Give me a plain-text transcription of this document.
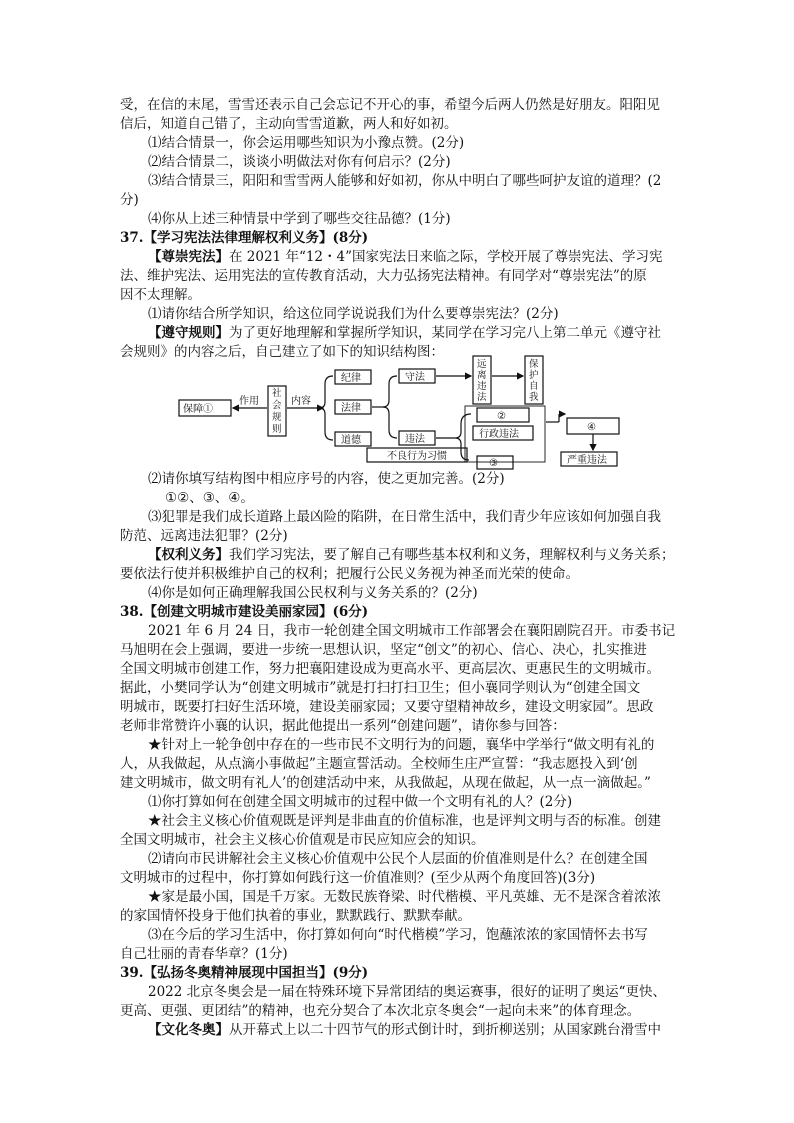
受，在信的末尾，雪雪还表示自己会忘记不开心的事，希望今后两人仍然是好朋友。阳阳见
信后，知道自己错了，主动向雪雪道歉，两人和好如初。
⑴结合情景一，你会运用哪些知识为小豫点赞。(2分)
⑵结合情景二，谈谈小明做法对你有何启示？(2分)
⑶结合情景三，阳阳和雪雪两人能够和好如初，你从中明白了哪些呵护友谊的道理？(2
分)
⑷你从上述三种情景中学到了哪些交往品德？(1分)
37.【学习宪法法律理解权利义务】(8分)
【尊崇宪法】在 2021 年“12・4”国家宪法日来临之际，学校开展了尊崇宪法、学习宪
法、维护宪法、运用宪法的宣传教育活动，大力弘扬宪法精神。有同学对“尊崇宪法”的原
因不太理解。
⑴请你结合所学知识，给这位同学说说我们为什么要尊崇宪法？(2分)
【遵守规则】为了更好地理解和掌握所学知识，某同学在学习完八上第二单元《遵守社
会规则》的内容之后，自己建立了如下的知识结构图：
保障①
作用
社
会
规
则
内容
纪律
法律
道德
守法
违法
远
离
违
法
保
护
自
我
②
行政违法
不良行为习惯
③
④
严重违法
⑵请你填写结构图中相应序号的内容，使之更加完善。(2分)
①②、③、④。
⑶犯罪是我们成长道路上最凶险的陷阱，在日常生活中，我们青少年应该如何加强自我
防范、远离违法犯罪？(2分)
【权利义务】我们学习宪法，要了解自己有哪些基本权利和义务，理解权利与义务关系；
要依法行使并积极维护自己的权利；把履行公民义务视为神圣而光荣的使命。
⑷你是如何正确理解我国公民权利与义务关系的？(2分)
38.【创建文明城市建设美丽家园】(6分)
2021 年 6 月 24 日，我市一轮创建全国文明城市工作部署会在襄阳剧院召开。市委书记
马旭明在会上强调，要进一步统一思想认识，坚定“创文”的初心、信心、决心，扎实推进
全国文明城市创建工作，努力把襄阳建设成为更高水平、更高层次、更惠民生的文明城市。
据此，小樊同学认为“创建文明城市”就是打扫打扫卫生；但小襄同学则认为“创建全国文
明城市，既要打扫好生活环境，建设美丽家园；又要守望精神故乡，建设文明家园”。思政
老师非常赞许小襄的认识，据此他提出一系列“创建问题”，请你参与回答：
★针对上一轮争创中存在的一些市民不文明行为的问题，襄华中学举行“做文明有礼的
人，从我做起，从点滴小事做起”主题宣誓活动。全校师生庄严宣誓：“我志愿投入到‘创
建文明城市，做文明有礼人’的创建活动中来，从我做起，从现在做起，从一点一滴做起。”
⑴你打算如何在创建全国文明城市的过程中做一个文明有礼的人？(2分)
★社会主义核心价值观既是评判是非曲直的价值标准，也是评判文明与否的标准。创建
全国文明城市，社会主义核心价值观是市民应知应会的知识。
⑵请向市民讲解社会主义核心价值观中公民个人层面的价值准则是什么？在创建全国
文明城市的过程中，你打算如何践行这一价值准则？(至少从两个角度回答)(3分)
★家是最小国，国是千万家。无数民族脊梁、时代楷模、平凡英雄、无不是深含着浓浓
的家国情怀投身于他们执着的事业，默默践行、默默奉献。
⑶在今后的学习生活中，你打算如何向“时代楷模”学习，饱蘸浓浓的家国情怀去书写
自己壮丽的青春华章？(1分)
39.【弘扬冬奥精神展现中国担当】(9分)
2022 北京冬奥会是一届在特殊环境下异常团结的奥运赛事，很好的证明了奥运“更快、
更高、更强、更团结”的精神，也充分契合了本次北京冬奥会“一起向未来”的体育理念。
【文化冬奥】从开幕式上以二十四节气的形式倒计时，到折柳送别；从国家跳台滑雪中
